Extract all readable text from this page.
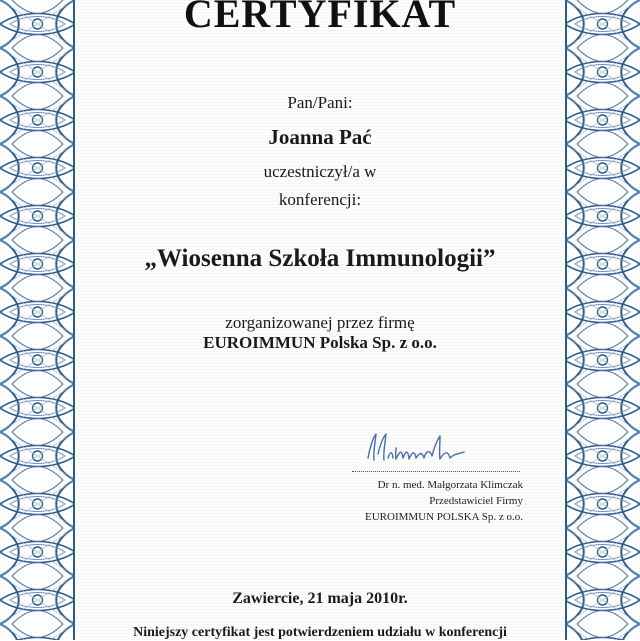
CERTYFIKAT
Pan/Pani:
Joanna Pać
uczestniczył/a w
konferencji:
„Wiosenna Szkoła Immunologii”
zorganizowanej przez firmę
EUROIMMUN Polska Sp. z o.o.
Dr n. med. Małgorzata Klimczak
Przedstawiciel Firmy
EUROIMMUN POLSKA Sp. z o.o.
Zawiercie, 21 maja 2010r.
Niniejszy certyfikat jest potwierdzeniem udziału w konferencji
